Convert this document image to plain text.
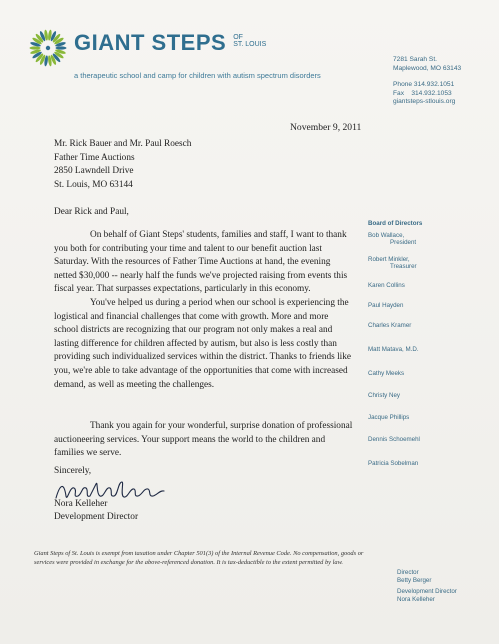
GIANT STEPS OF
ST. LOUIS
a therapeutic school and camp for children with autism spectrum disorders
7281 Sarah St.
Maplewood, MO 63143
Phone 314.932.1051
Fax    314.932.1053
giantsteps-stlouis.org
November 9, 2011
Mr. Rick Bauer and Mr. Paul Roesch
Father Time Auctions
2850 Lawndell Drive
St. Louis, MO 63144
Dear Rick and Paul,

On behalf of Giant Steps' students, families and staff, I want to thank you both for contributing your time and talent to our benefit auction last Saturday. With the resources of Father Time Auctions at hand, the evening netted $30,000 -- nearly half the funds we've projected raising from events this fiscal year. That surpasses expectations, particularly in this economy.

You've helped us during a period when our school is experiencing the logistical and financial challenges that come with growth. More and more school districts are recognizing that our program not only makes a real and lasting difference for children affected by autism, but also is less costly than providing such individualized services within the district. Thanks to friends like you, we're able to take advantage of the opportunities that come with increased demand, as well as meeting the challenges.

Thank you again for your wonderful, surprise donation of professional auctioneering services. Your support means the world to the children and families we serve.

Sincerely,
Nora Kelleher
Development Director
Giant Steps of St. Louis is exempt from taxation under Chapter 501(3) of the Internal Revenue Code. No compensation, goods or services were provided in exchange for the above-referenced donation. It is tax-deductible to the extent permitted by law.
Board of Directors
Bob Wallace,
President
Robert Minkler,
Treasurer
Karen Collins
Paul Hayden
Charles Kramer
Matt Matava, M.D.
Cathy Meeks
Christy Ney
Jacque Phillips
Dennis Schoemehl
Patricia Sobelman
Director
Betty Berger
Development Director
Nora Kelleher
